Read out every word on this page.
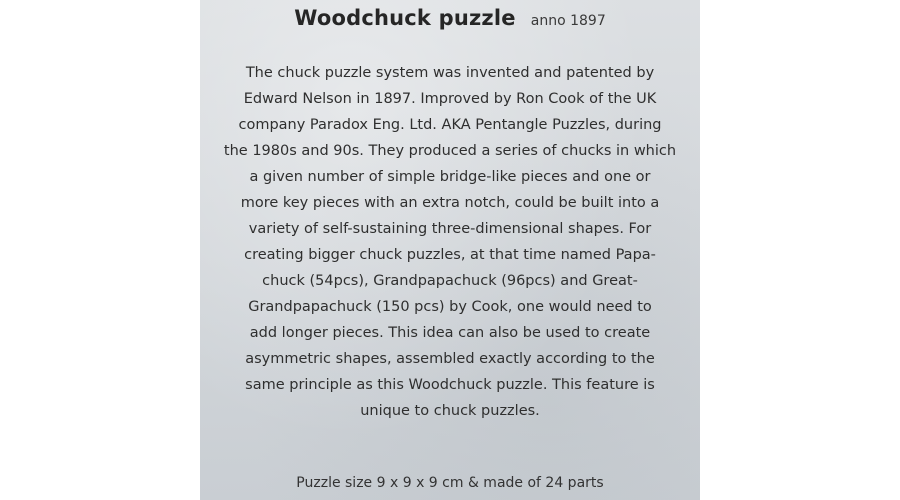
Woodchuck puzzle anno 1897
The chuck puzzle system was invented and patented by
Edward Nelson in 1897. Improved by Ron Cook of the UK
company Paradox Eng. Ltd. AKA Pentangle Puzzles, during
the 1980s and 90s. They produced a series of chucks in which
a given number of simple bridge-like pieces and one or
more key pieces with an extra notch, could be built into a
variety of self-sustaining three-dimensional shapes. For
creating bigger chuck puzzles, at that time named Papa-
chuck (54pcs), Grandpapachuck (96pcs) and Great-
Grandpapachuck (150 pcs) by Cook, one would need to
add longer pieces. This idea can also be used to create
asymmetric shapes, assembled exactly according to the
same principle as this Woodchuck puzzle. This feature is
unique to chuck puzzles.
Puzzle size 9 x 9 x 9 cm & made of 24 parts
